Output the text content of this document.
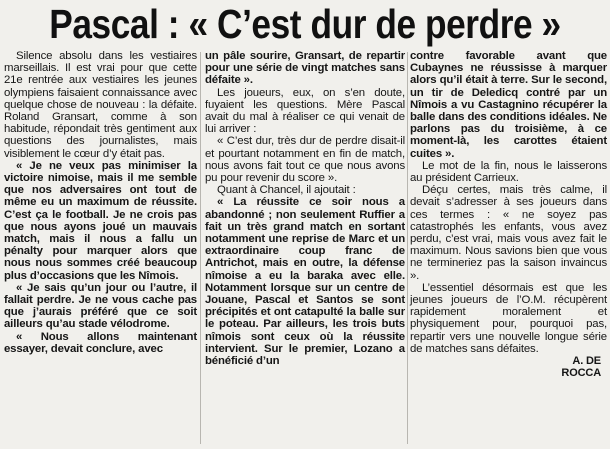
Pascal : « C’est dur de perdre »

Silence absolu dans les vestiaires marseillais. Il est vrai pour que cette 21e rentrée aux vestiaires les jeunes olympiens faisaient connaissance avec quelque chose de nouveau : la défaite. Roland Gransart, comme à son habitude, répondait très gentiment aux questions des journalistes, mais visiblement le cœur d’y était pas.

« Je ne veux pas minimiser la victoire nimoise, mais il me semble que nos adversaires ont tout de même eu un maximum de réussite. C’est ça le football. Je ne crois pas que nous ayons joué un mauvais match, mais il nous a fallu un pénalty pour marquer alors que nous nous sommes créé beaucoup plus d’occasions que les Nîmois.

« Je sais qu’un jour ou l’autre, il fallait perdre. Je ne vous cache pas que j’aurais préféré que ce soit ailleurs qu’au stade vélodrome.

« Nous allons maintenant essayer, devait conclure, avec

un pâle sourire, Gransart, de repartir pour une série de vingt matches sans défaite ».

Les joueurs, eux, on s’en doute, fuyaient les questions. Mère Pascal avait du mal à réaliser ce qui venait de lui arriver :

« C’est dur, très dur de perdre disait-il et pourtant notamment en fin de match, nous avons fait tout ce que nous avons pu pour revenir du score ».

Quant à Chancel, il ajoutait :

« La réussite ce soir nous a abandonné ; non seulement Ruffier a fait un très grand match en sortant notamment une reprise de Marc et un extraordinaire coup franc de Antrichot, mais en outre, la défense nîmoise a eu la baraka avec elle. Notamment lorsque sur un centre de Jouane, Pascal et Santos se sont précipités et ont catapulté la balle sur le poteau. Par ailleurs, les trois buts nîmois sont ceux où la réussite intervient. Sur le premier, Lozano a bénéficié d’un

contre favorable avant que Cubaynes ne réussisse à marquer alors qu’il était à terre. Sur le second, un tir de Deledicq contré par un Nîmois a vu Castagnino récupérer la balle dans des conditions idéales. Ne parlons pas du troisième, à ce moment-là, les carottes étaient cuites ».

Le mot de la fin, nous le laisserons au président Carrieux.

Déçu certes, mais très calme, il devait s’adresser à ses joueurs dans ces termes : « ne soyez pas catastrophés les enfants, vous avez perdu, c’est vrai, mais vous avez fait le maximum. Nous savions bien que vous ne termineriez pas la saison invaincus ».

L’essentiel désormais est que les jeunes joueurs de l’O.M. récupèrent rapidement moralement et physiquement pour, pourquoi pas, repartir vers une nouvelle longue série de matches sans défaites.

A. DE
ROCCA
